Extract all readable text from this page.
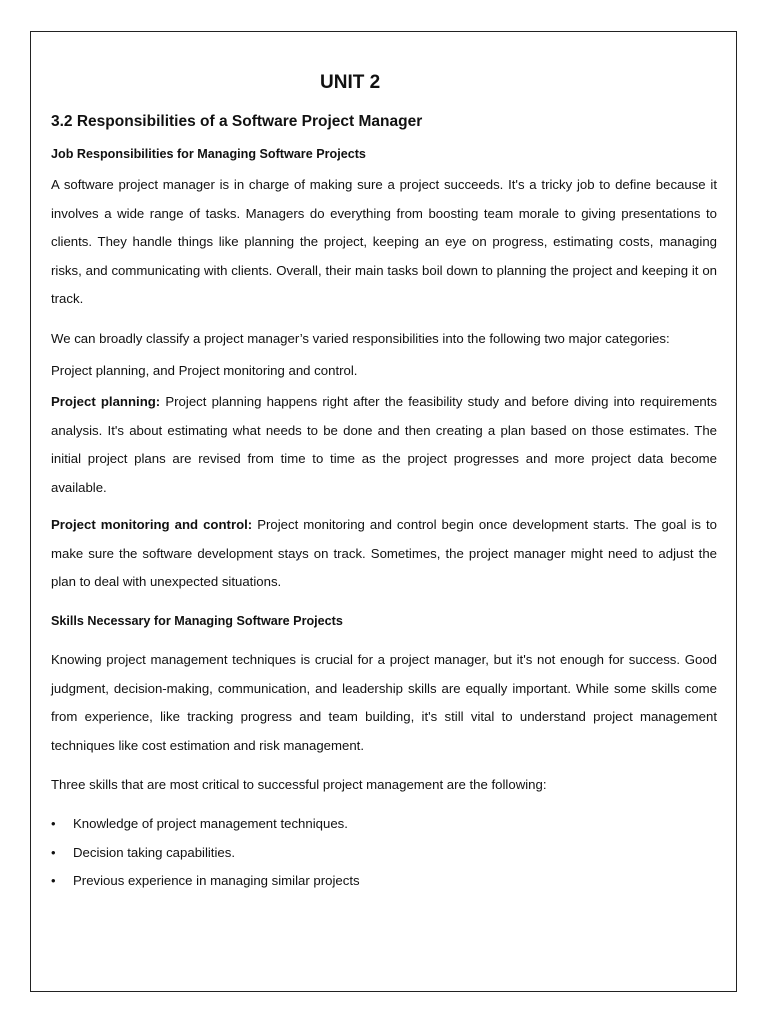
UNIT 2
3.2 Responsibilities of a Software Project Manager
Job Responsibilities for Managing Software Projects

A software project manager is in charge of making sure a project succeeds. It's a tricky job to define because it involves a wide range of tasks. Managers do everything from boosting team morale to giving presentations to clients. They handle things like planning the project, keeping an eye on progress, estimating costs, managing risks, and communicating with clients. Overall, their main tasks boil down to planning the project and keeping it on track.

We can broadly classify a project manager’s varied responsibilities into the following two major categories:

Project planning, and Project monitoring and control.

Project planning: Project planning happens right after the feasibility study and before diving into requirements analysis. It's about estimating what needs to be done and then creating a plan based on those estimates. The initial project plans are revised from time to time as the project progresses and more project data become available.

Project monitoring and control: Project monitoring and control begin once development starts. The goal is to make sure the software development stays on track. Sometimes, the project manager might need to adjust the plan to deal with unexpected situations.

Skills Necessary for Managing Software Projects

Knowing project management techniques is crucial for a project manager, but it's not enough for success. Good judgment, decision-making, communication, and leadership skills are equally important. While some skills come from experience, like tracking progress and team building, it's still vital to understand project management techniques like cost estimation and risk management.

Three skills that are most critical to successful project management are the following:

• Knowledge of project management techniques.
• Decision taking capabilities.
• Previous experience in managing similar projects
